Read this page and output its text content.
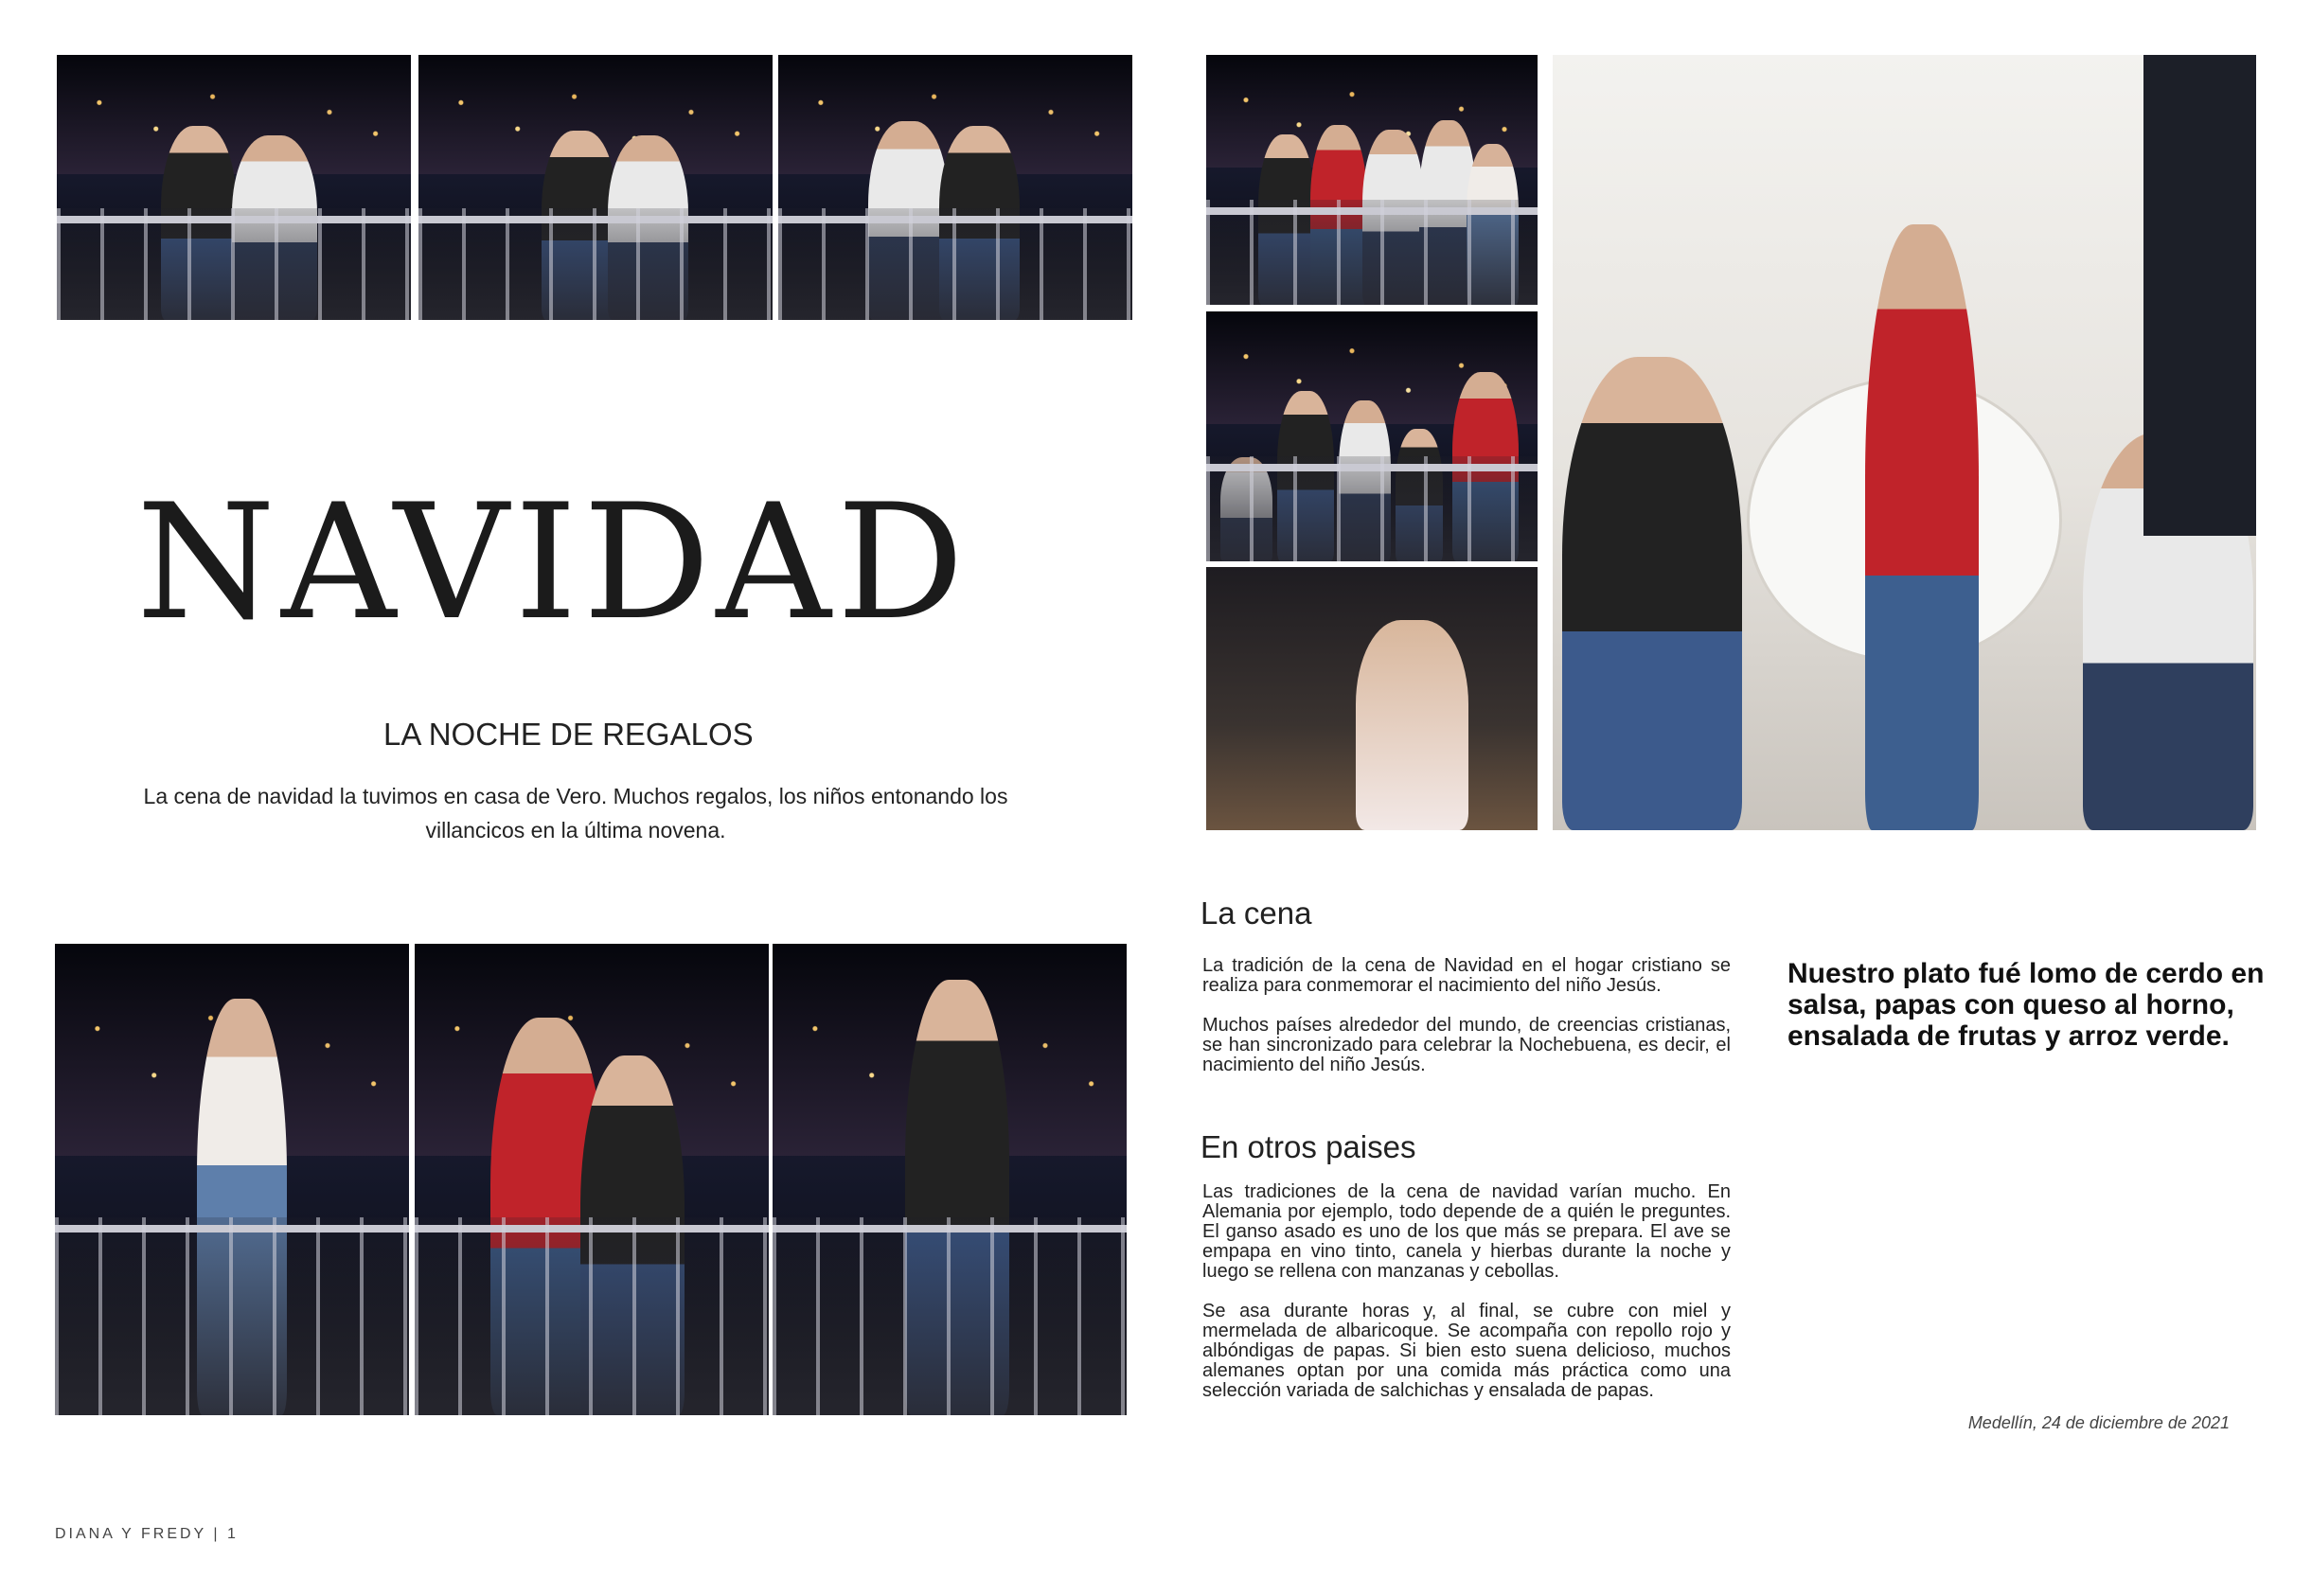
NAVIDAD
LA NOCHE DE REGALOS

La cena de navidad la tuvimos en casa de Vero. Muchos regalos, los niños entonando los villancicos en la última novena.

La cena

La tradición de la cena de Navidad en el hogar cristiano se realiza para conmemorar el nacimiento del niño Jesús.

Muchos países alrededor del mundo, de creencias cristianas, se han sincronizado para celebrar la Nochebuena, es decir, el nacimiento del niño Jesús.

En otros paises

Las tradiciones de la cena de navidad varían mucho. En Alemania por ejemplo, todo depende de a quién le preguntes. El ganso asado es uno de los que más se prepara. El ave se empapa en vino tinto, canela y hierbas durante la noche y luego se rellena con manzanas y cebollas.

Se asa durante horas y, al final, se cubre con miel y mermelada de albaricoque. Se acompaña con repollo rojo y albóndigas de papas. Si bien esto suena delicioso, muchos alemanes optan por una comida más práctica como una selección variada de salchichas y ensalada de papas.

Nuestro plato fué lomo de cerdo en salsa, papas con queso al horno, ensalada de frutas y arroz verde.

Medellín, 24 de diciembre de 2021

DIANA Y FREDY | 1
